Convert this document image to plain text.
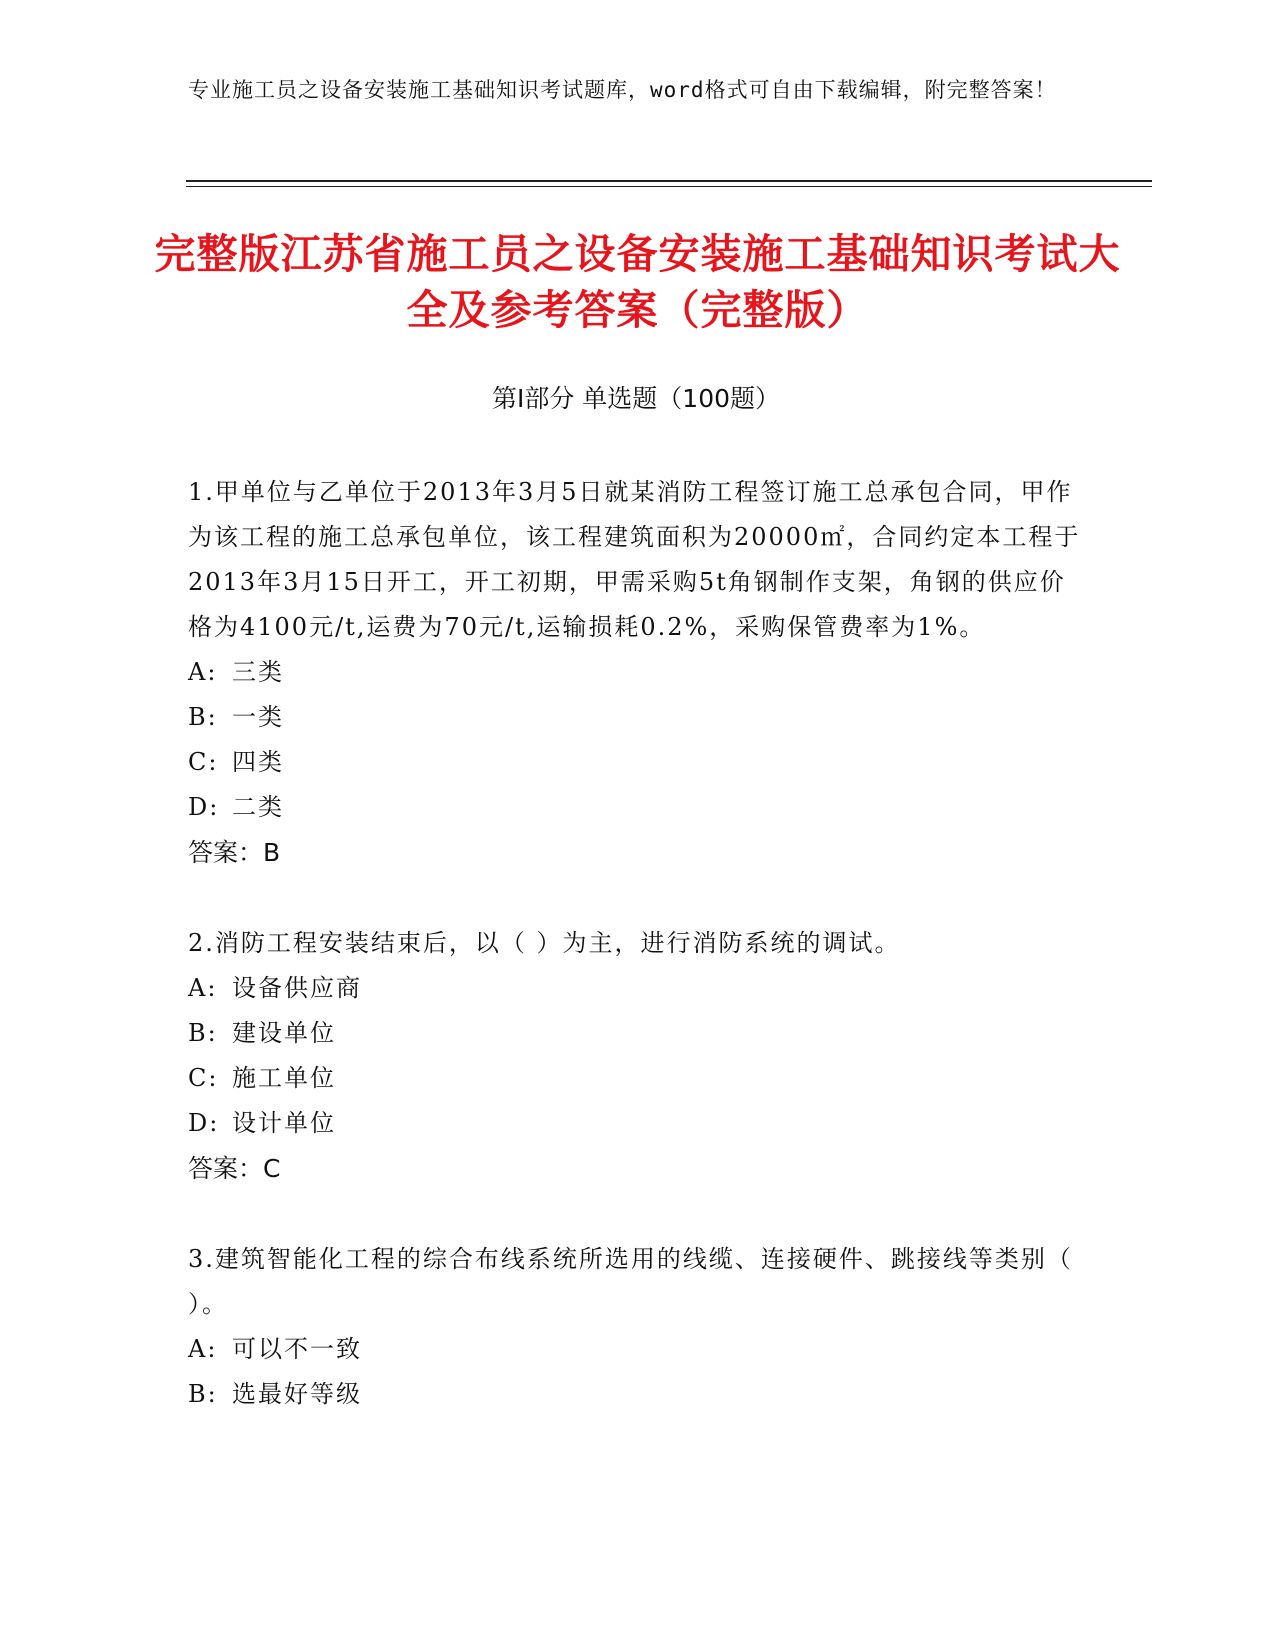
专业施工员之设备安装施工基础知识考试题库，word格式可自由下载编辑，附完整答案！
完整版江苏省施工员之设备安装施工基础知识考试大全及参考答案（完整版）
第Ⅰ部分 单选题（100题）

1.甲单位与乙单位于2013年3月5日就某消防工程签订施工总承包合同，甲作为该工程的施工总承包单位，该工程建筑面积为20000㎡，合同约定本工程于2013年3月15日开工，开工初期，甲需采购5t角钢制作支架，角钢的供应价格为4100元/t,运费为70元/t,运输损耗0.2%，采购保管费率为1%。

A: 三类

B: 一类

C: 四类

D: 二类

答案：B

2.消防工程安装结束后，以（ ）为主，进行消防系统的调试。

A: 设备供应商

B: 建设单位

C: 施工单位

D: 设计单位

答案：C

3.建筑智能化工程的综合布线系统所选用的线缆、连接硬件、跳接线等类别（ ）。

A: 可以不一致

B: 选最好等级
